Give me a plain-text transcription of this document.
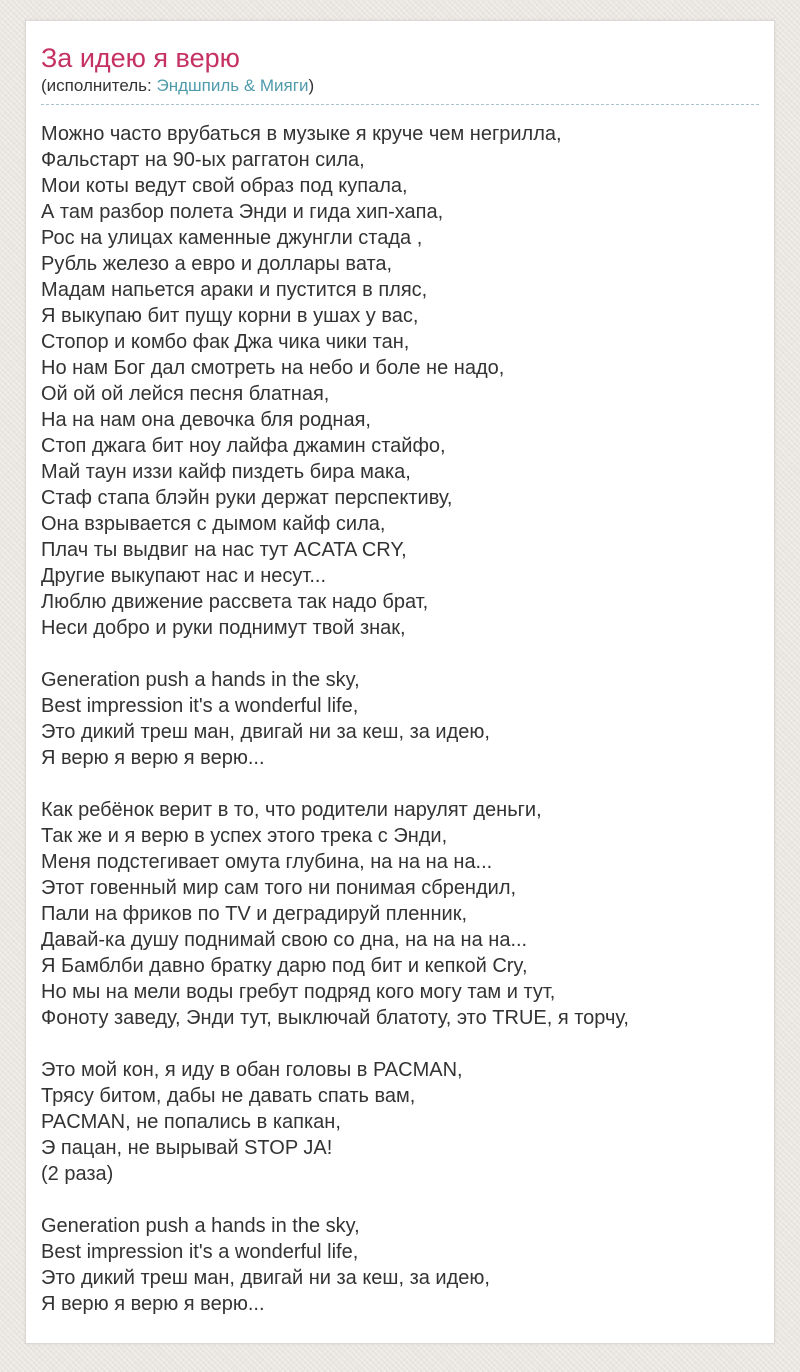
За идею я верю
(исполнитель: Эндшпиль & Мияги)
Можно часто врубаться в музыке я круче чем негрилла,
Фальстарт на 90-ых раггатон сила,
Мои коты ведут свой образ под купала,
А там разбор полета Энди и гида хип-хапа,
Рос на улицах каменные джунгли стада ,
Рубль железо а евро и доллары вата,
Мадам напьется араки и пустится в пляс,
Я выкупаю бит пущу корни в ушах у вас,
Стопор и комбо фак Джа чика чики тан,
Но нам Бог дал смотреть на небо и боле не надо,
Ой ой ой лейся песня блатная,
На на нам она девочка бля родная,
Стоп джага бит ноу лайфа джамин стайфо,
Май таун иззи кайф пиздеть бира мака,
Стаф стапа блэйн руки держат перспективу,
Она взрывается с дымом кайф сила,
Плач ты выдвиг на нас тут ACATA CRY,
Другие выкупают нас и несут...
Люблю движение рассвета так надо брат,
Неси добро и руки поднимут твой знак,
Generation push a hands in the sky,
Best impression it's a wonderful life,
Это дикий треш ман, двигай ни за кеш, за идею,
Я верю я верю я верю...
Как ребёнок верит в то, что родители нарулят деньги,
Так же и я верю в успех этого трека с Энди,
Меня подстегивает омута глубина, на на на на...
Этот говенный мир сам того ни понимая сбрендил,
Пали на фриков по TV и деградируй пленник,
Давай-ка душу поднимай свою со дна, на на на на...
Я Бамблби давно братку дарю под бит и кепкой Cry,
Но мы на мели воды гребут подряд кого могу там и тут,
Фоноту заведу, Энди тут, выключай блатоту, это TRUE, я торчу,
Это мой кон, я иду в обан головы в PACMAN,
Трясу битом, дабы не давать спать вам,
PACMAN, не попались в капкан,
Э пацан, не вырывай STOP JA!
(2 раза)
Generation push a hands in the sky,
Best impression it's a wonderful life,
Это дикий треш ман, двигай ни за кеш, за идею,
Я верю я верю я верю...
